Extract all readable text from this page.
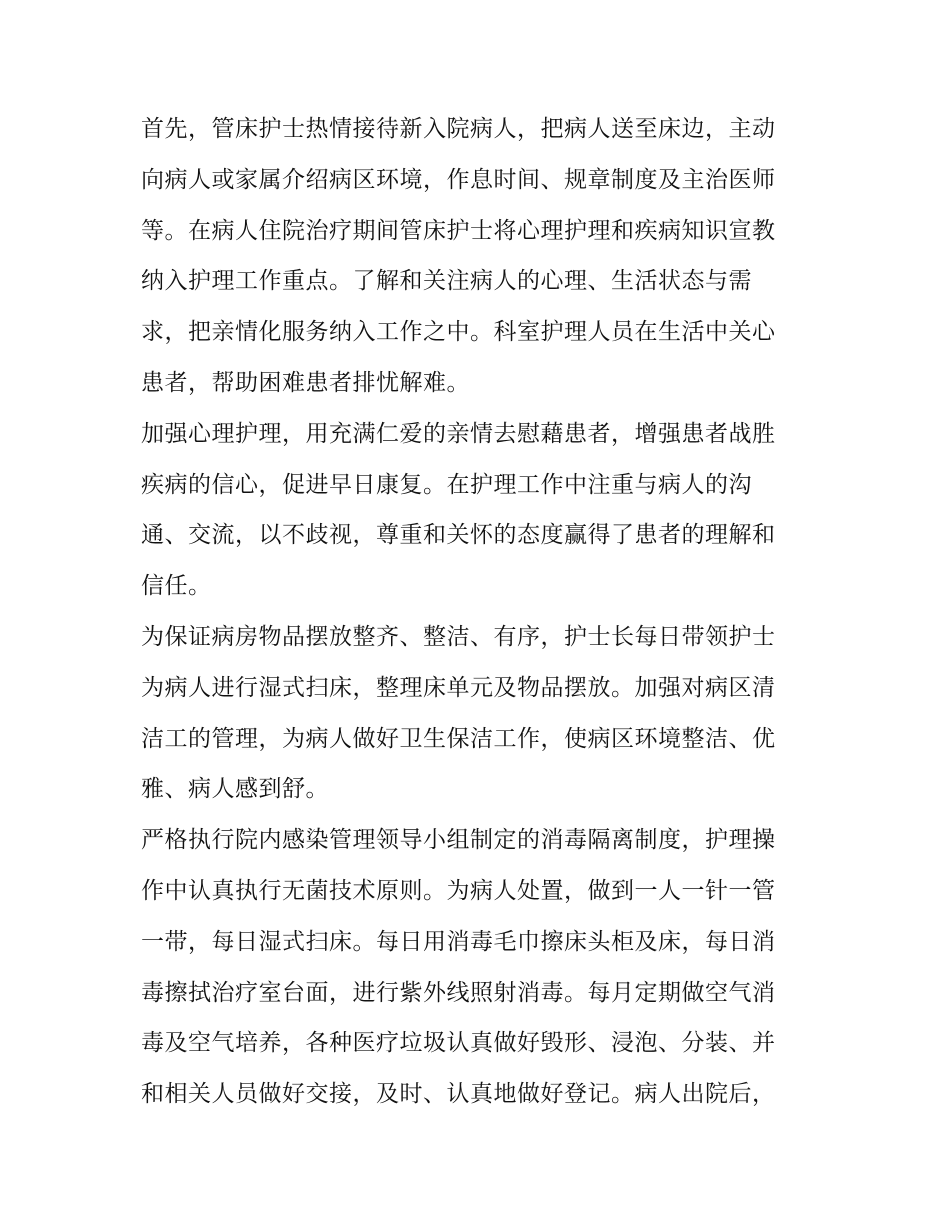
首先，管床护士热情接待新入院病人，把病人送至床边，主动
向病人或家属介绍病区环境，作息时间、规章制度及主治医师
等。在病人住院治疗期间管床护士将心理护理和疾病知识宣教
纳入护理工作重点。了解和关注病人的心理、生活状态与需
求，把亲情化服务纳入工作之中。科室护理人员在生活中关心
患者，帮助困难患者排忧解难。
加强心理护理，用充满仁爱的亲情去慰藉患者，增强患者战胜
疾病的信心，促进早日康复。在护理工作中注重与病人的沟
通、交流，以不歧视，尊重和关怀的态度赢得了患者的理解和
信任。
为保证病房物品摆放整齐、整洁、有序，护士长每日带领护士
为病人进行湿式扫床，整理床单元及物品摆放。加强对病区清
洁工的管理，为病人做好卫生保洁工作，使病区环境整洁、优
雅、病人感到舒。
严格执行院内感染管理领导小组制定的消毒隔离制度，护理操
作中认真执行无菌技术原则。为病人处置，做到一人一针一管
一带，每日湿式扫床。每日用消毒毛巾擦床头柜及床，每日消
毒擦拭治疗室台面，进行紫外线照射消毒。每月定期做空气消
毒及空气培养，各种医疗垃圾认真做好毁形、浸泡、分装、并
和相关人员做好交接，及时、认真地做好登记。病人出院后，
